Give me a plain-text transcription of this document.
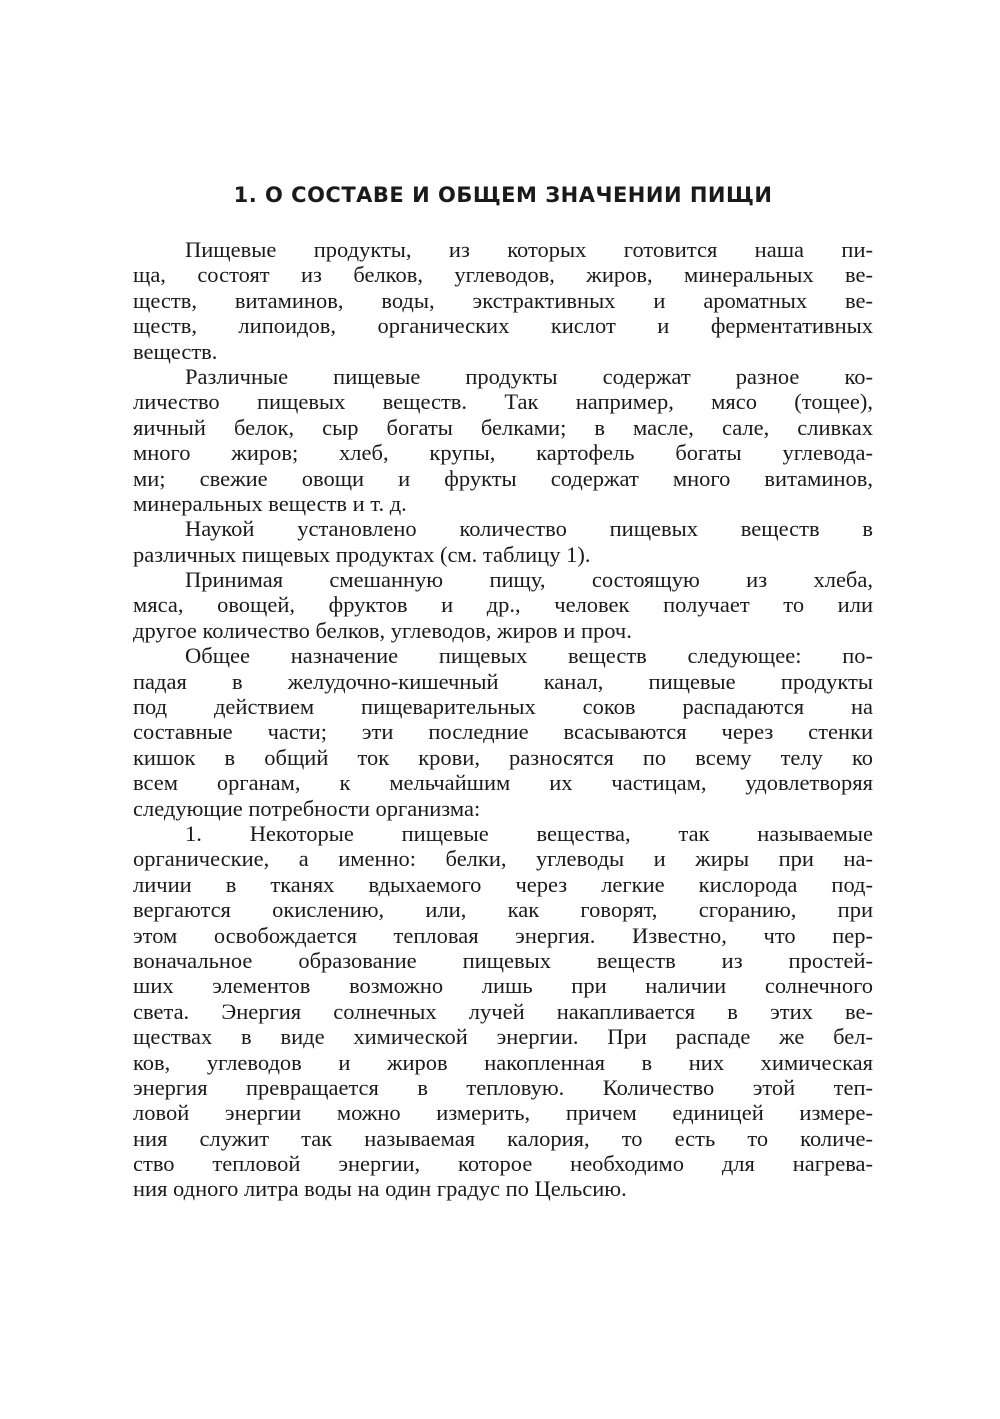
1. О СОСТАВЕ И ОБЩЕМ ЗНАЧЕНИИ ПИЩИ

Пищевые продукты, из которых готовится наша пи-
ща, состоят из белков, углеводов, жиров, минеральных ве-
ществ, витаминов, воды, экстрактивных и ароматных ве-
ществ, липоидов, органических кислот и ферментативных
веществ.

Различные пищевые продукты содержат разное ко-
личество пищевых веществ. Так например, мясо (тощее),
яичный белок, сыр богаты белками; в масле, сале, сливках
много жиров; хлеб, крупы, картофель богаты углевода-
ми; свежие овощи и фрукты содержат много витаминов,
минеральных веществ и т. д.

Наукой установлено количество пищевых веществ в
различных пищевых продуктах (см. таблицу 1).

Принимая смешанную пищу, состоящую из хлеба,
мяса, овощей, фруктов и др., человек получает то или
другое количество белков, углеводов, жиров и проч.

Общее назначение пищевых веществ следующее: по-
падая в желудочно-кишечный канал, пищевые продукты
под действием пищеварительных соков распадаются на
составные части; эти последние всасываются через стенки
кишок в общий ток крови, разносятся по всему телу ко
всем органам, к мельчайшим их частицам, удовлетворяя
следующие потребности организма:

1. Некоторые пищевые вещества, так называемые
органические, а именно: белки, углеводы и жиры при на-
личии в тканях вдыхаемого через легкие кислорода под-
вергаются окислению, или, как говорят, сгоранию, при
этом освобождается тепловая энергия. Известно, что пер-
воначальное образование пищевых веществ из простей-
ших элементов возможно лишь при наличии солнечного
света. Энергия солнечных лучей накапливается в этих ве-
ществах в виде химической энергии. При распаде же бел-
ков, углеводов и жиров накопленная в них химическая
энергия превращается в тепловую. Количество этой теп-
ловой энергии можно измерить, причем единицей измере-
ния служит так называемая калория, то есть то количе-
ство тепловой энергии, которое необходимо для нагрева-
ния одного литра воды на один градус по Цельсию.
